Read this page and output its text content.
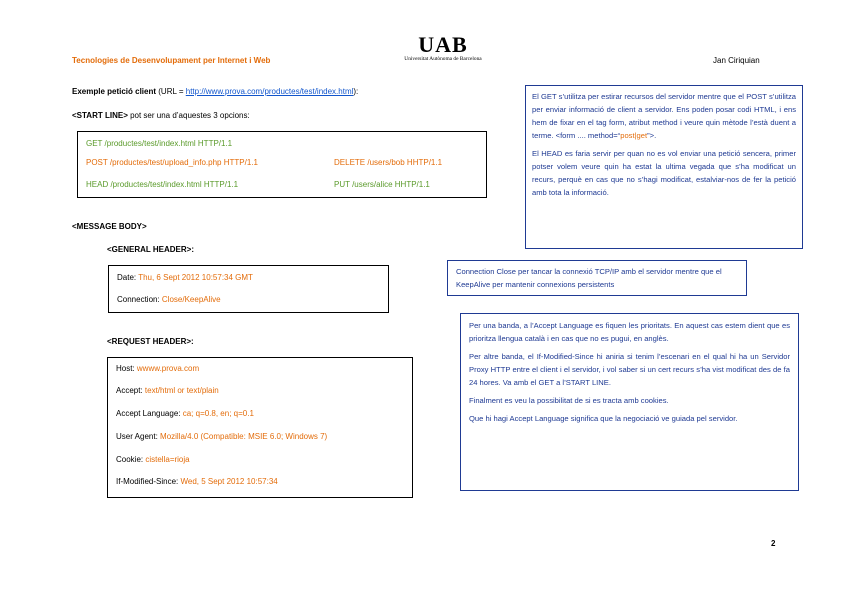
Tecnologies de Desenvolupament per Internet i Web
UAB
Universitat Autònoma de Barcelona	Jan Ciriquian
Exemple petició client (URL = http://www.prova.com/productes/test/index.html):
<START LINE> pot ser una d’aquestes 3 opcions:
GET /productes/test/index.html HTTP/1.1
POST /productes/test/upload_info.php HTTP/1.1	DELETE /users/bob HHTP/1.1
HEAD /productes/test/index.html HTTP/1.1	PUT /users/alice HHTP/1.1
<MESSAGE BODY>
<GENERAL HEADER>:
Date: Thu, 6 Sept 2012 10:57:34 GMT
Connection: Close/KeepAlive
<REQUEST HEADER>:
Host: wwww.prova.com
Accept: text/html or text/plain
Accept Language: ca; q=0.8, en; q=0.1
User Agent: Mozilla/4.0 (Compatible: MSIE 6.0; Windows 7)
Cookie: cistella=rioja
If-Modified-Since: Wed, 5 Sept 2012 10:57:34

El GET s’utilitza per estirar recursos del servidor mentre que el POST s’utilitza per enviar informació de client a servidor. Ens poden posar codi HTML, i ens hem de fixar en el tag form, atribut method i veure quin mètode l’està duent a terme. <form .... method=“post|get”>.

El HEAD es faria servir per quan no es vol enviar una petició sencera, primer potser volem veure quin ha estat la ultima vegada que s’ha modificat un recurs, perquè en cas que no s’hagi modificat, estalviar-nos de fer la petició amb tota la informació.

Connection Close per tancar la connexió TCP/IP amb el servidor mentre que el KeepAlive per mantenir connexions persistents

Per una banda, a l’Accept Language es fiquen les prioritats. En aquest cas estem dient que es prioritza llengua català i en cas que no es pugui, en anglès.

Per altre banda, el If-Modified-Since hi aniria si tenim l’escenari en el qual hi ha un Servidor Proxy HTTP entre el client i el servidor, i vol saber si un cert recurs s’ha vist modificat des de fa 24 hores. Va amb el GET a l’START LINE.

Finalment es veu la possibilitat de si es tracta amb cookies.

Que hi hagi Accept Language significa que la negociació ve guiada pel servidor.

2
